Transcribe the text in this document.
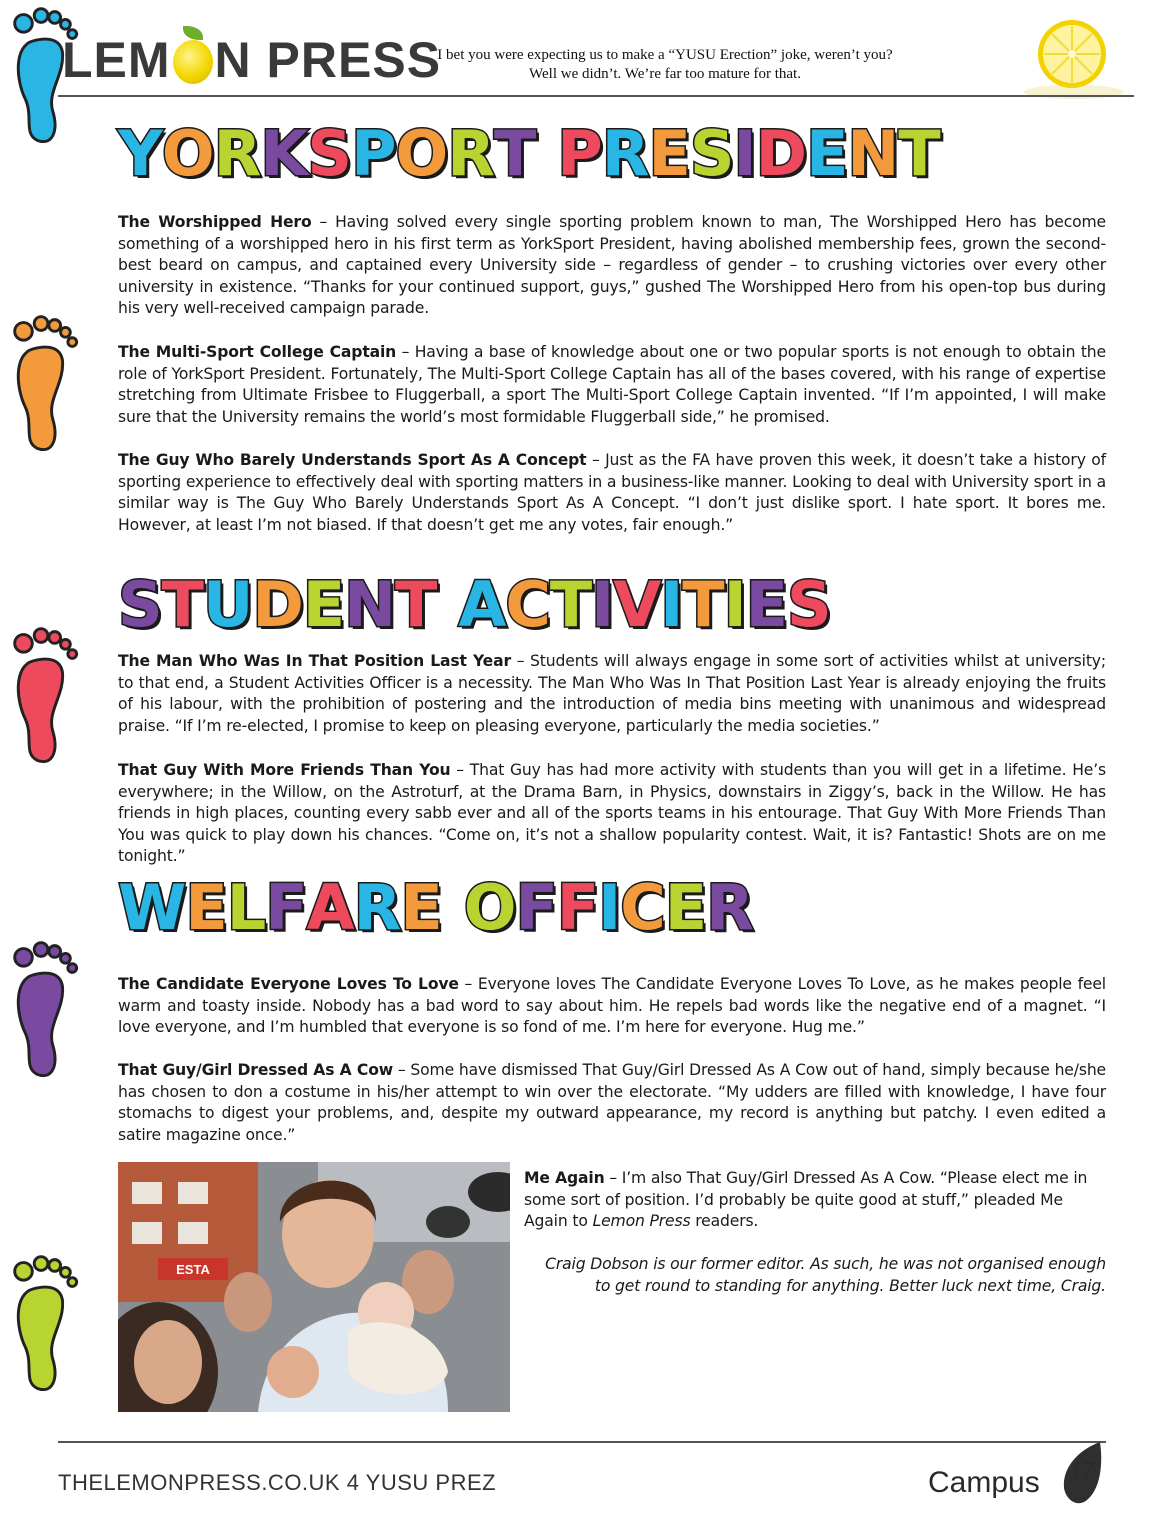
LEM N PRESS
I bet you were expecting us to make a “YUSU Erection” joke, weren’t you?
Well we didn’t. We’re far too mature for that.
Y O R K S P O R T P R E S I D E N T

The Worshipped Hero – Having solved every single sporting problem known to man, The Worshipped Hero has become something of a worshipped hero in his first term as YorkSport President, having abolished membership fees, grown the second-best beard on campus, and captained every University side – regardless of gender – to crushing victories over every other university in existence. “Thanks for your continued support, guys,” gushed The Worshipped Hero from his open-top bus during his very well-received campaign parade.

The Multi-Sport College Captain – Having a base of knowledge about one or two popular sports is not enough to obtain the role of YorkSport President. Fortunately, The Multi-Sport College Captain has all of the bases covered, with his range of expertise stretching from Ultimate Frisbee to Fluggerball, a sport The Multi-Sport College Captain invented. “If I’m appointed, I will make sure that the University remains the world’s most formidable Fluggerball side,” he promised.

The Guy Who Barely Understands Sport As A Concept – Just as the FA have proven this week, it doesn’t take a history of sporting experience to effectively deal with sporting matters in a business-like manner. Looking to deal with University sport in a similar way is The Guy Who Barely Understands Sport As A Concept. “I don’t just dislike sport. I hate sport. It bores me. However, at least I’m not biased. If that doesn’t get me any votes, fair enough.”

S T U D E N T A C T I V I T I E S

The Man Who Was In That Position Last Year – Students will always engage in some sort of activities whilst at university; to that end, a Student Activities Officer is a necessity. The Man Who Was In That Position Last Year is already enjoying the fruits of his labour, with the prohibition of postering and the introduction of media bins meeting with unanimous and widespread praise. “If I’m re-elected, I promise to keep on pleasing everyone, particularly the media societies.”

That Guy With More Friends Than You – That Guy has had more activity with students than you will get in a lifetime. He’s everywhere; in the Willow, on the Astroturf, at the Drama Barn, in Physics, downstairs in Ziggy’s, back in the Willow. He has friends in high places, counting every sabb ever and all of the sports teams in his entourage. That Guy With More Friends Than You was quick to play down his chances. “Come on, it’s not a shallow popularity contest. Wait, it is? Fantastic! Shots are on me tonight.”

W E L F A R E O F F I C E R

The Candidate Everyone Loves To Love – Everyone loves The Candidate Everyone Loves To Love, as he makes people feel warm and toasty inside. Nobody has a bad word to say about him. He repels bad words like the negative end of a magnet. “I love everyone, and I’m humbled that everyone is so fond of me. I’m here for everyone. Hug me.”

That Guy/Girl Dressed As A Cow – Some have dismissed That Guy/Girl Dressed As A Cow out of hand, simply because he/she has chosen to don a costume in his/her attempt to win over the electorate. “My udders are filled with knowledge, I have four stomachs to digest your problems, and, despite my outward appearance, my record is anything but patchy. I even edited a satire magazine once.”

ESTA

Me Again – I’m also That Guy/Girl Dressed As A Cow. “Please elect me in some sort of position. I’d probably be quite good at stuff,” pleaded Me Again to Lemon Press readers.

Craig Dobson is our former editor. As such, he was not organised enough
to get round to standing for anything. Better luck next time, Craig.
THELEMONPRESS.CO.UK 4 YUSU PREZ	Campus	17
